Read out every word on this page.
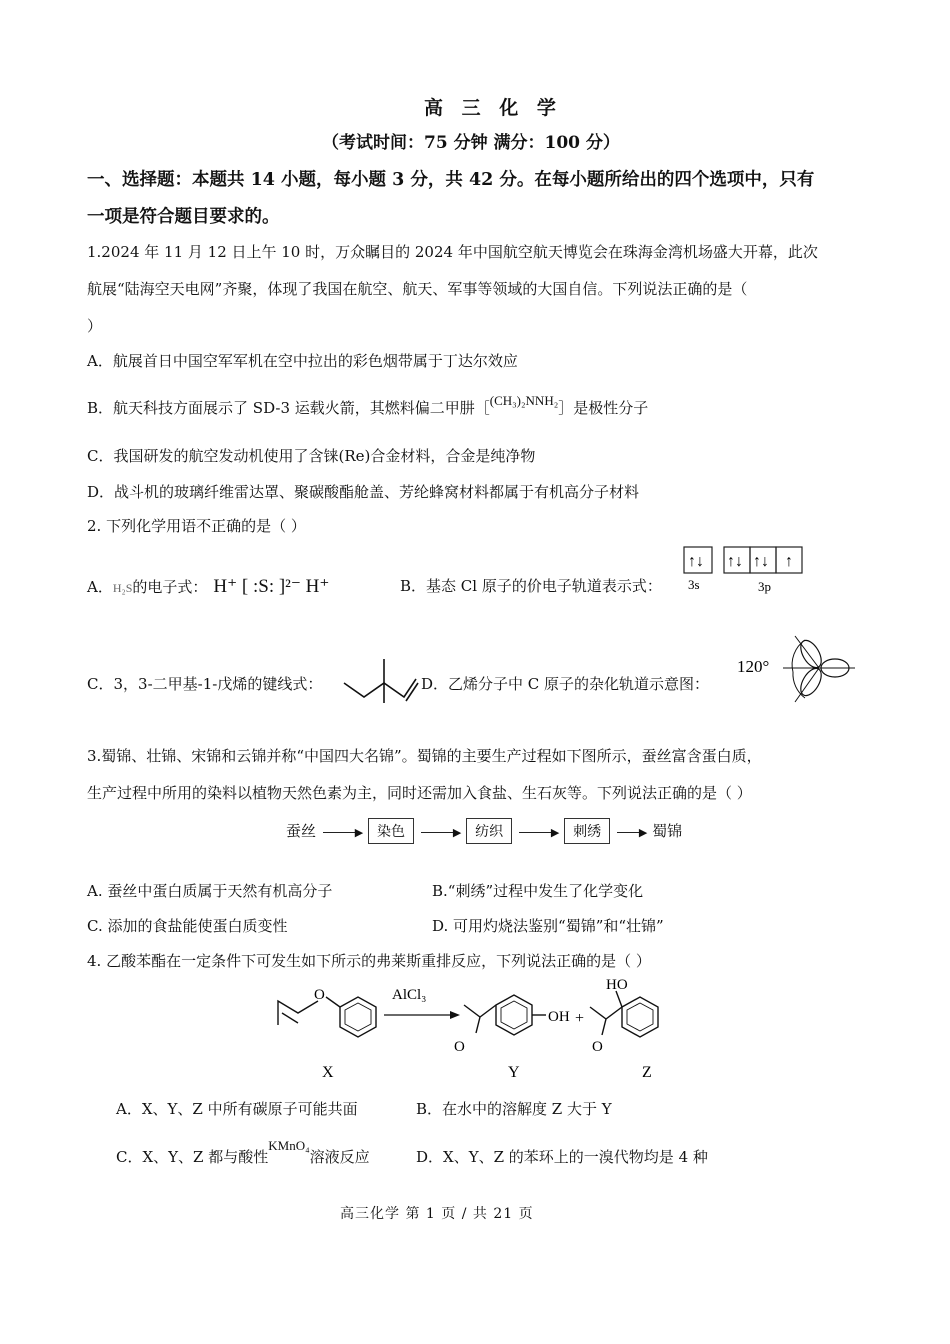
高 三 化 学
（考试时间：75 分钟 满分：100 分）
一、选择题：本题共 14 小题，每小题 3 分，共 42 分。在每小题所给出的四个选项中，只有
一项是符合题目要求的。
1.2024 年 11 月 12 日上午 10 时，万众瞩目的 2024 年中国航空航天博览会在珠海金湾机场盛大开幕，此次
航展“陆海空天电网”齐聚，体现了我国在航空、航天、军事等领域的大国自信。下列说法正确的是（
）
A．航展首日中国空军军机在空中拉出的彩色烟带属于丁达尔效应
B．航天科技方面展示了 SD-3 运载火箭，其燃料偏二甲肼［(CH₃)₂NNH₂］是极性分子
C．我国研发的航空发动机使用了含铼(Re)合金材料，合金是纯净物
D．战斗机的玻璃纤维雷达罩、聚碳酸酯舱盖、芳纶蜂窝材料都属于有机高分子材料
2. 下列化学用语不正确的是（ ）
A．H₂S的电子式： H⁺ [ :S: ]²⁻ H⁺	B．基态 Cl 原子的价电子轨道表示式：
↑↓ ↑↓ ↑↓ ↑
3s	3p
C．3，3-二甲基-1-戊烯的键线式：	D．乙烯分子中 C 原子的杂化轨道示意图：
120°
3.蜀锦、壮锦、宋锦和云锦并称“中国四大名锦”。蜀锦的主要生产过程如下图所示，蚕丝富含蛋白质，
生产过程中所用的染料以植物天然色素为主，同时还需加入食盐、生石灰等。下列说法正确的是（ ）
蚕丝	▶ 染色	▶ 纺织	▶ 刺绣	▶ 蜀锦
A. 蚕丝中蛋白质属于天然有机高分子	B.“刺绣”过程中发生了化学变化
C. 添加的食盐能使蛋白质变性	D. 可用灼烧法鉴别“蜀锦”和“壮锦”
4. 乙酸苯酯在一定条件下可发生如下所示的弗莱斯重排反应，下列说法正确的是（ ）
O
X
AlCl₃
O
OH +
Y
O
HO
Z
A．X、Y、Z 中所有碳原子可能共面	B．在水中的溶解度 Z 大于 Y
C．X、Y、Z 都与酸性KMnO₄溶液反应	D．X、Y、Z 的苯环上的一溴代物均是 4 种
高三化学 第 1 页 / 共 21 页
